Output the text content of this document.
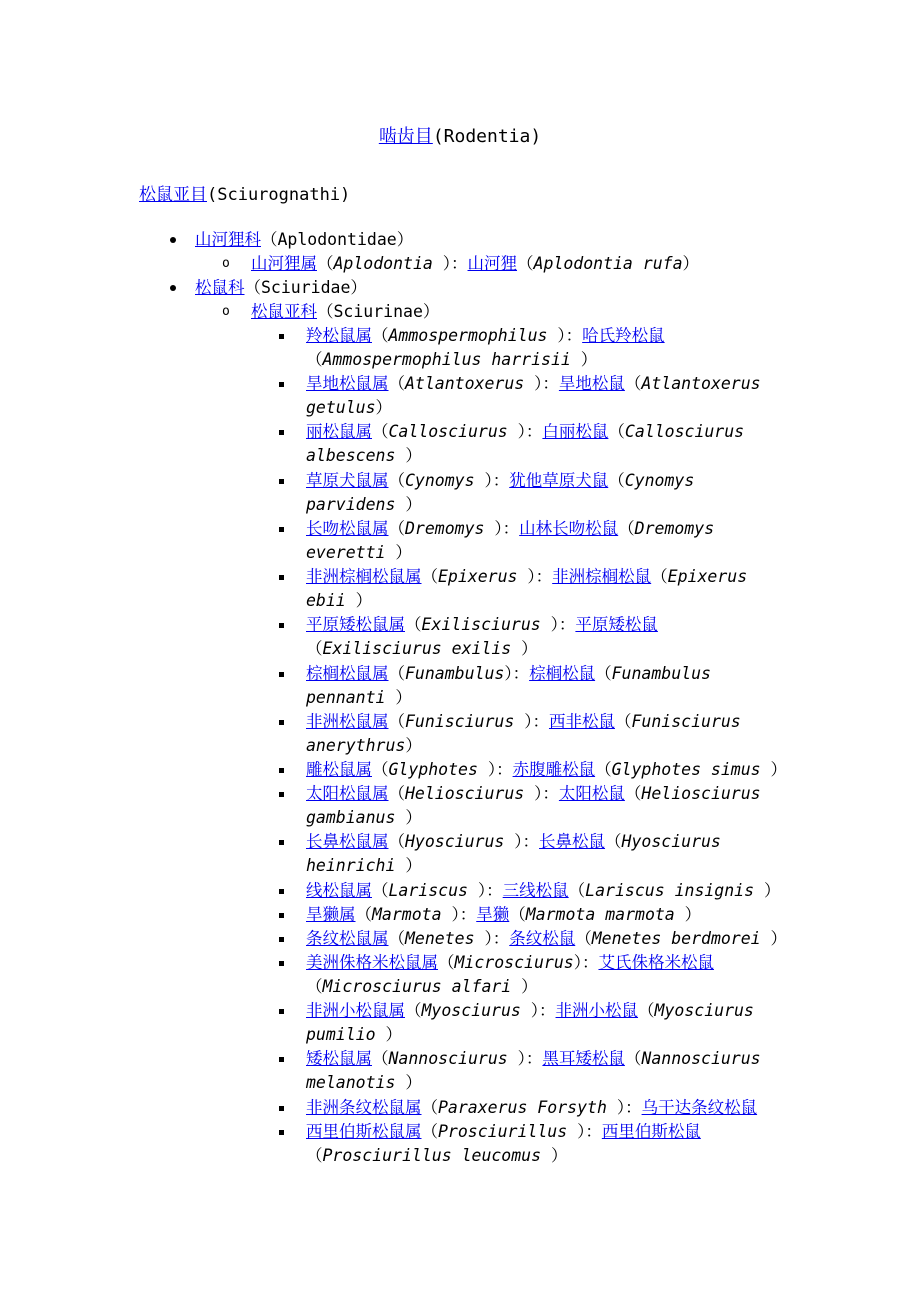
啮齿目(Rodentia)
松鼠亚目(Sciurognathi)
山河狸科（Aplodontidae）
o 山河狸属（Aplodontia ）：山河狸（Aplodontia rufa）
松鼠科（Sciuridae）
o 松鼠亚科（Sciurinae）
羚松鼠属（Ammospermophilus ）：哈氏羚松鼠
（Ammospermophilus harrisii ）
旱地松鼠属（Atlantoxerus ）：旱地松鼠（Atlantoxerus
getulus）
丽松鼠属（Callosciurus ）：白丽松鼠（Callosciurus
albescens ）
草原犬鼠属（Cynomys ）：犹他草原犬鼠（Cynomys
parvidens ）
长吻松鼠属（Dremomys ）：山林长吻松鼠（Dremomys
everetti ）
非洲棕榈松鼠属（Epixerus ）：非洲棕榈松鼠（Epixerus
ebii ）
平原矮松鼠属（Exilisciurus ）：平原矮松鼠
（Exilisciurus exilis ）
棕榈松鼠属（Funambulus）：棕榈松鼠（Funambulus
pennanti ）
非洲松鼠属（Funisciurus ）：西非松鼠（Funisciurus
anerythrus）
雕松鼠属（Glyphotes ）：赤腹雕松鼠（Glyphotes simus ）
太阳松鼠属（Heliosciurus ）：太阳松鼠（Heliosciurus
gambianus ）
长鼻松鼠属（Hyosciurus ）：长鼻松鼠（Hyosciurus
heinrichi ）
线松鼠属（Lariscus ）：三线松鼠（Lariscus insignis ）
旱獭属（Marmota ）：旱獭（Marmota marmota ）
条纹松鼠属（Menetes ）：条纹松鼠（Menetes berdmorei ）
美洲侏格米松鼠属（Microsciurus）：艾氏侏格米松鼠
（Microsciurus alfari ）
非洲小松鼠属（Myosciurus ）：非洲小松鼠（Myosciurus
pumilio ）
矮松鼠属（Nannosciurus ）：黑耳矮松鼠（Nannosciurus
melanotis ）
非洲条纹松鼠属（Paraxerus Forsyth ）：乌干达条纹松鼠
西里伯斯松鼠属（Prosciurillus ）：西里伯斯松鼠
（Prosciurillus leucomus ）
